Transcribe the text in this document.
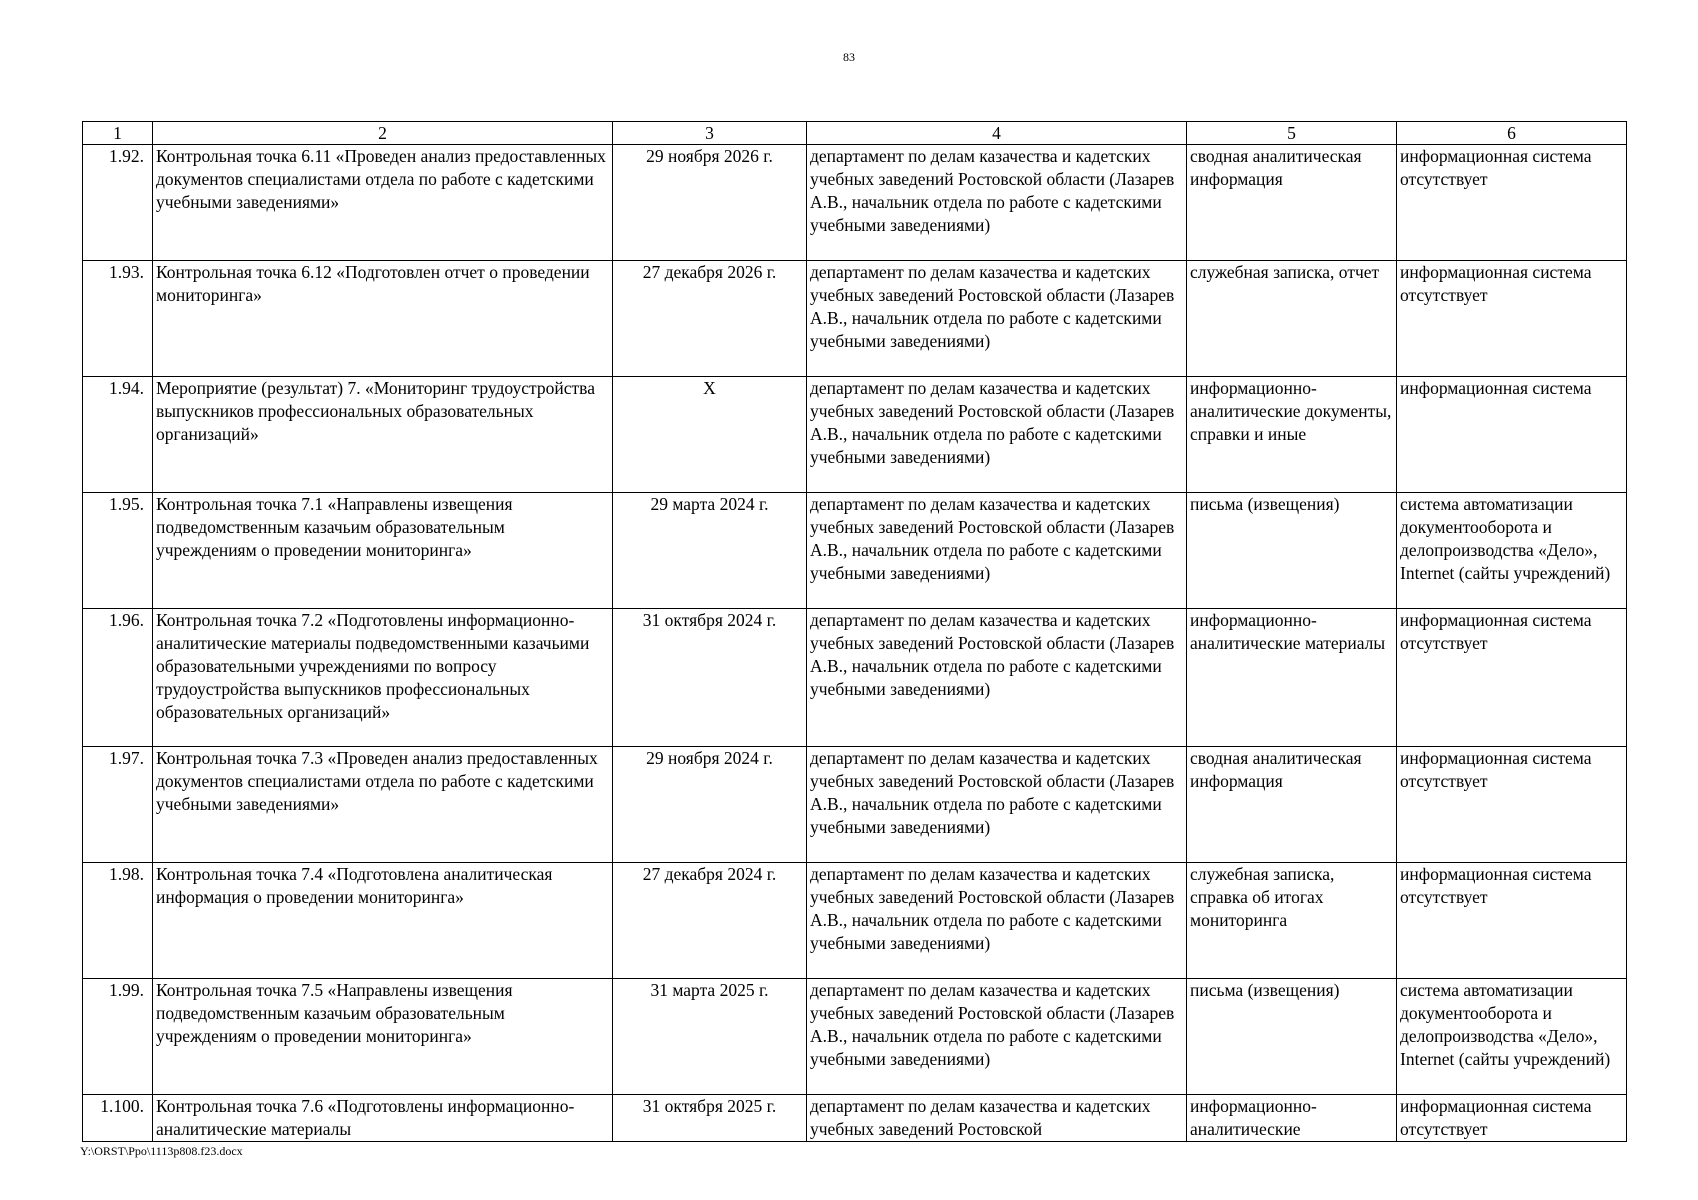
83
1	2	3	4	5	6
1.92.	Контрольная точка 6.11 «Проведен анализ предоставленных документов специалистами отдела по работе с кадетскими учебными заведениями»	29 ноября 2026 г.	департамент по делам казачества и кадетских учебных заведений Ростовской области (Лазарев А.В., начальник отдела по работе с кадетскими учебными заведениями)	сводная аналитическая информация	информационная система отсутствует
1.93.	Контрольная точка 6.12 «Подготовлен отчет о проведении мониторинга»	27 декабря 2026 г.	департамент по делам казачества и кадетских учебных заведений Ростовской области (Лазарев А.В., начальник отдела по работе с кадетскими учебными заведениями)	служебная записка, отчет	информационная система отсутствует
1.94.	Мероприятие (результат) 7. «Мониторинг трудоустройства выпускников профессиональных образовательных организаций»	X	департамент по делам казачества и кадетских учебных заведений Ростовской области (Лазарев А.В., начальник отдела по работе с кадетскими учебными заведениями)	информационно-аналитические документы, справки и иные	информационная система
1.95.	Контрольная точка 7.1 «Направлены извещения подведомственным казачьим образовательным учреждениям о проведении мониторинга»	29 марта 2024 г.	департамент по делам казачества и кадетских учебных заведений Ростовской области (Лазарев А.В., начальник отдела по работе с кадетскими учебными заведениями)	письма (извещения)	система автоматизации документооборота и делопроизводства «Дело», Internet (сайты учреждений)
1.96.	Контрольная точка 7.2 «Подготовлены информационно-аналитические материалы подведомственными казачьими образовательными учреждениями по вопросу трудоустройства выпускников профессиональных образовательных организаций»	31 октября 2024 г.	департамент по делам казачества и кадетских учебных заведений Ростовской области (Лазарев А.В., начальник отдела по работе с кадетскими учебными заведениями)	информационно-аналитические материалы	информационная система отсутствует
1.97.	Контрольная точка 7.3 «Проведен анализ предоставленных документов специалистами отдела по работе с кадетскими учебными заведениями»	29 ноября 2024 г.	департамент по делам казачества и кадетских учебных заведений Ростовской области (Лазарев А.В., начальник отдела по работе с кадетскими учебными заведениями)	сводная аналитическая информация	информационная система отсутствует
1.98.	Контрольная точка 7.4 «Подготовлена аналитическая информация о проведении мониторинга»	27 декабря 2024 г.	департамент по делам казачества и кадетских учебных заведений Ростовской области (Лазарев А.В., начальник отдела по работе с кадетскими учебными заведениями)	служебная записка, справка об итогах мониторинга	информационная система отсутствует
1.99.	Контрольная точка 7.5 «Направлены извещения подведомственным казачьим образовательным учреждениям о проведении мониторинга»	31 марта 2025 г.	департамент по делам казачества и кадетских учебных заведений Ростовской области (Лазарев А.В., начальник отдела по работе с кадетскими учебными заведениями)	письма (извещения)	система автоматизации документооборота и делопроизводства «Дело», Internet (сайты учреждений)
1.100.	Контрольная точка 7.6 «Подготовлены информационно-аналитические материалы	31 октября 2025 г.	департамент по делам казачества и кадетских учебных заведений Ростовской	информационно-аналитические	информационная система отсутствует
Y:\ORST\Ppo\1113p808.f23.docx
